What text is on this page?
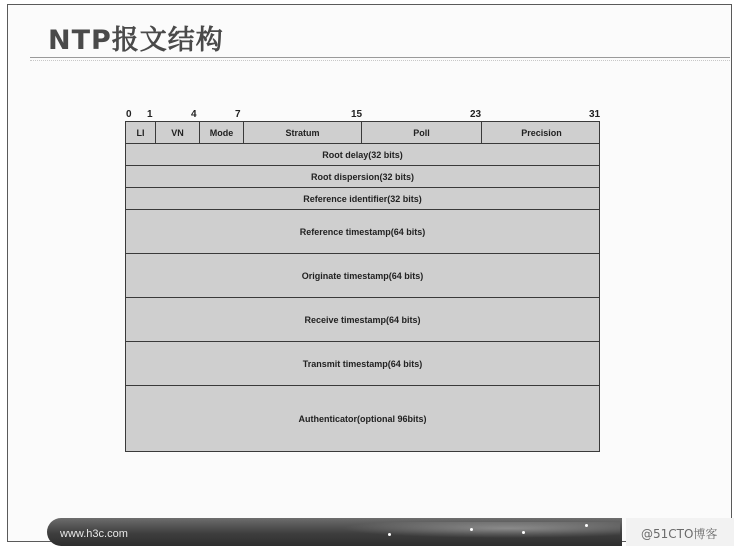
NTP报文结构
0 1	4	7	15	23	31
LI	VN	Mode	Stratum	Poll	Precision
Root delay(32 bits)
Root dispersion(32 bits)
Reference identifier(32 bits)
Reference timestamp(64 bits)
Originate timestamp(64 bits)
Receive timestamp(64 bits)
Transmit timestamp(64 bits)
Authenticator(optional 96bits)
www.h3c.com	@51CTO博客
